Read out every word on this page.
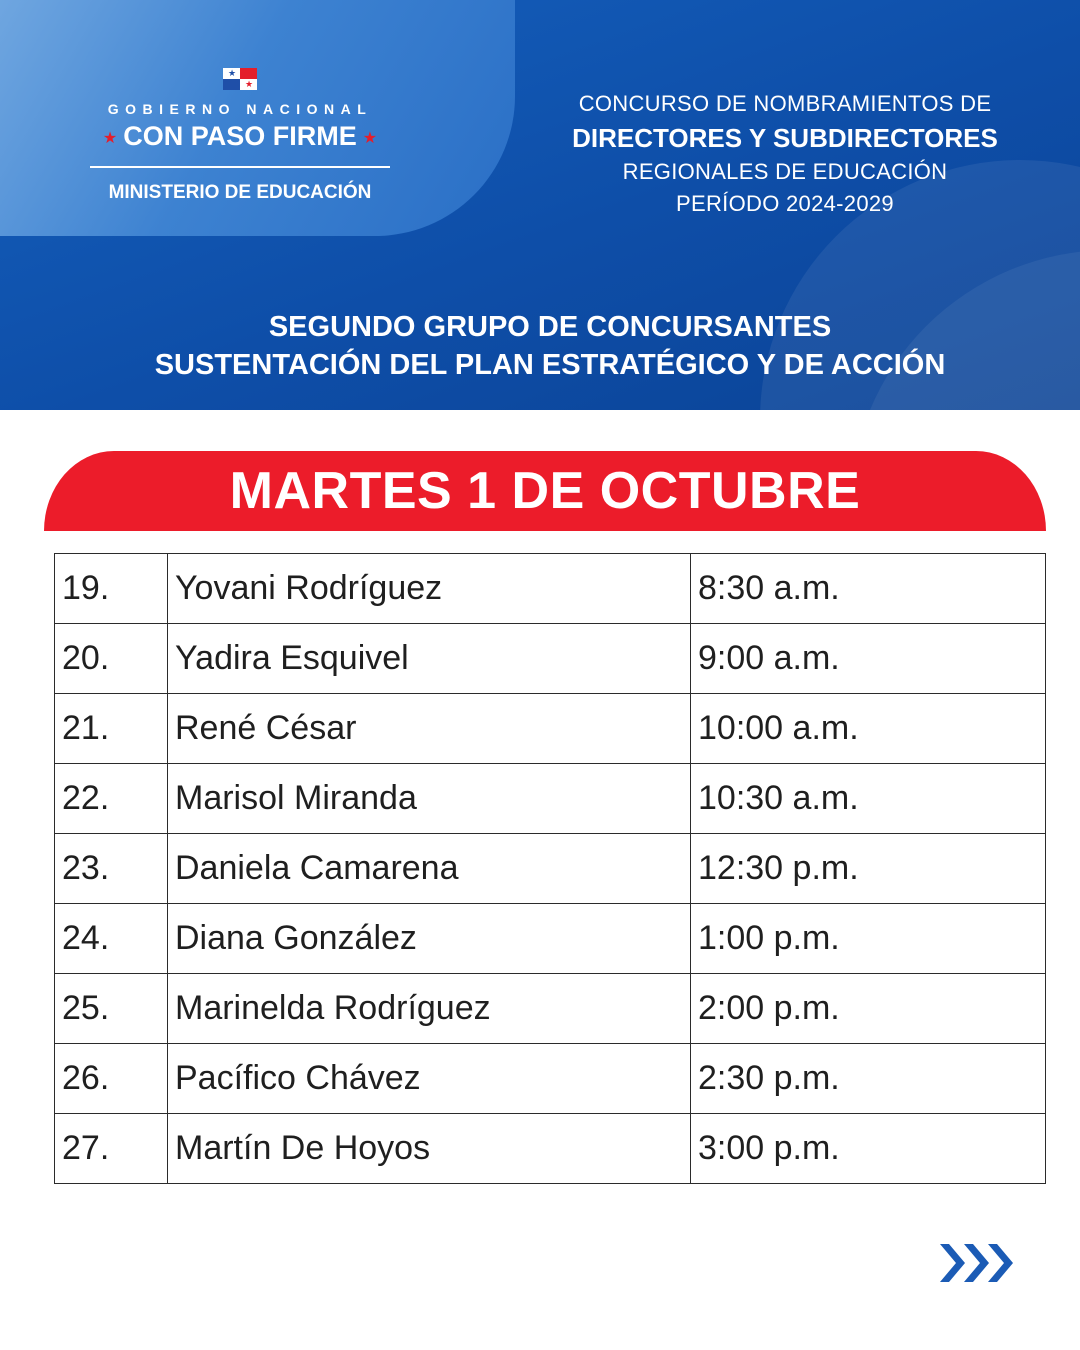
★
★
GOBIERNO NACIONAL
★ CON PASO FIRME ★
MINISTERIO DE EDUCACIÓN
CONCURSO DE NOMBRAMIENTOS DE
DIRECTORES Y SUBDIRECTORES
REGIONALES DE EDUCACIÓN
PERÍODO 2024-2029
SEGUNDO GRUPO DE CONCURSANTES
SUSTENTACIÓN DEL PLAN ESTRATÉGICO Y DE ACCIÓN
MARTES 1 DE OCTUBRE
19.	Yovani Rodríguez	8:30 a.m.
20.	Yadira Esquivel	9:00 a.m.
21.	René César	10:00 a.m.
22.	Marisol Miranda	10:30 a.m.
23.	Daniela Camarena	12:30 p.m.
24.	Diana González	1:00 p.m.
25.	Marinelda Rodríguez	2:00 p.m.
26.	Pacífico Chávez	2:30 p.m.
27.	Martín De Hoyos	3:00 p.m.
